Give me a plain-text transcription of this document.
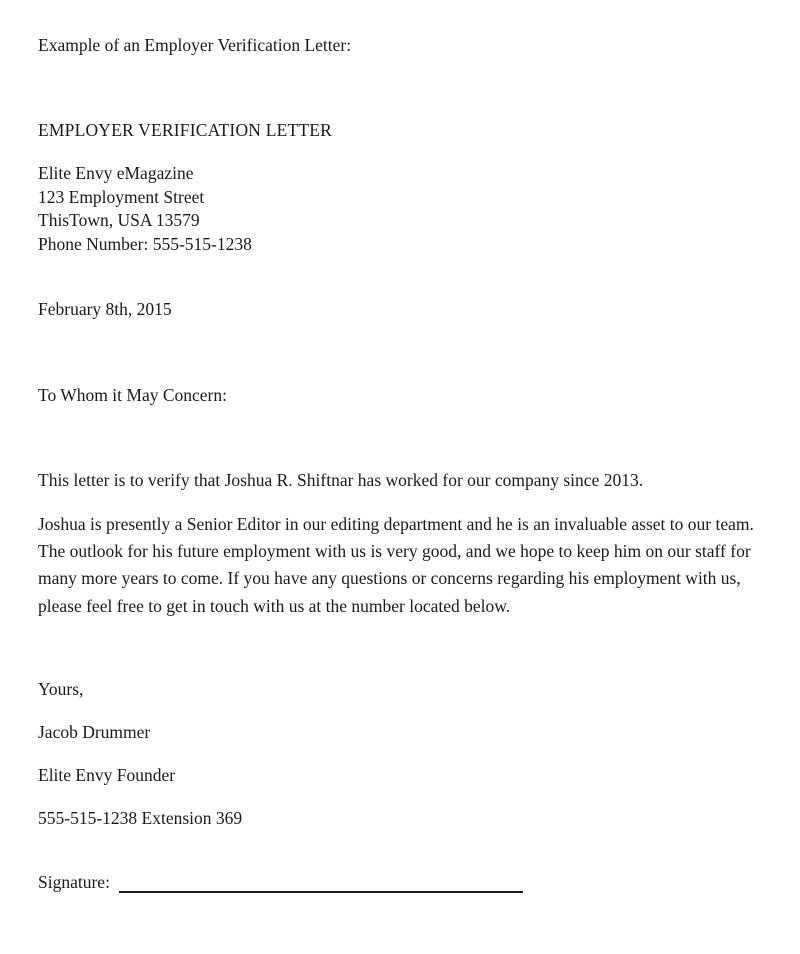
Example of an Employer Verification Letter:

EMPLOYER VERIFICATION LETTER

Elite Envy eMagazine

123 Employment Street

ThisTown, USA 13579

Phone Number: 555-515-1238

February 8th, 2015

To Whom it May Concern:

This letter is to verify that Joshua R. Shiftnar has worked for our company since 2013.

Joshua is presently a Senior Editor in our editing department and he is an invaluable asset to our team. The outlook for his future employment with us is very good, and we hope to keep him on our staff for many more years to come. If you have any questions or concerns regarding his employment with us, please feel free to get in touch with us at the number located below.

Yours,

Jacob Drummer

Elite Envy Founder

555-515-1238 Extension 369

Signature:
